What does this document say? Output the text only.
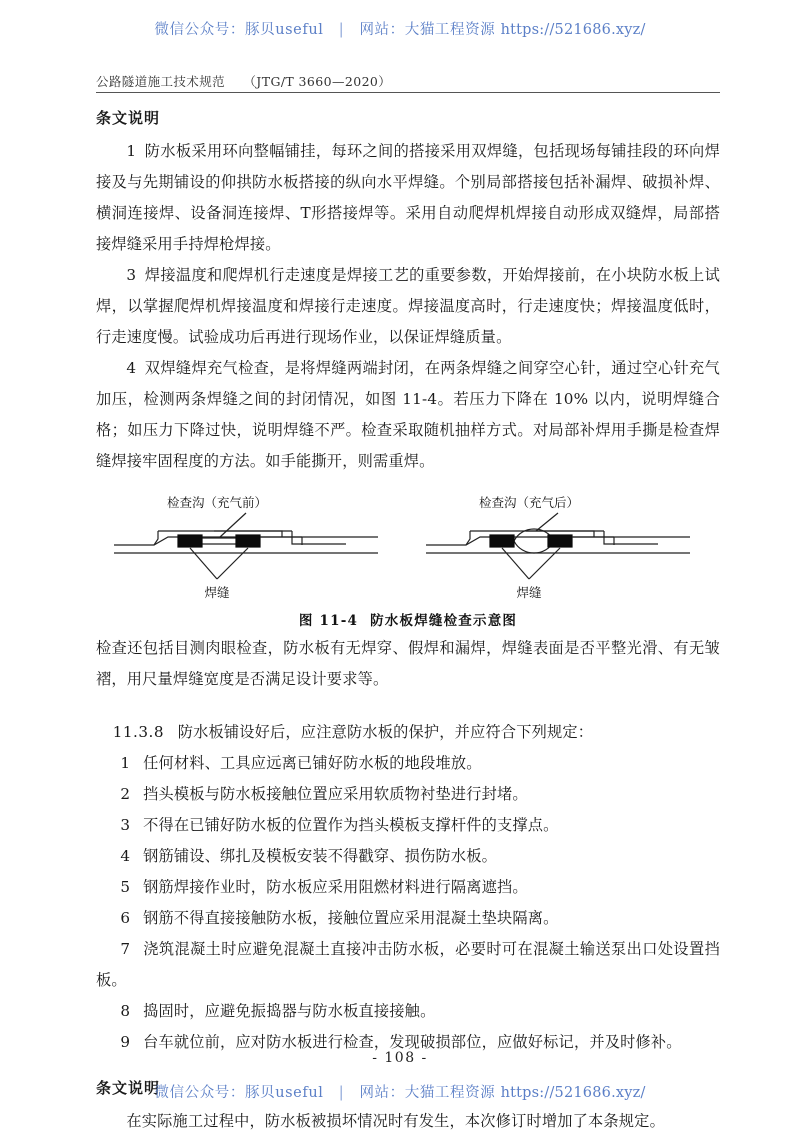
微信公众号：豚贝useful | 网站：大猫工程资源 https://521686.xyz/
公路隧道施工技术规范 （JTG/T 3660—2020）
条文说明

1 防水板采用环向整幅铺挂，每环之间的搭接采用双焊缝，包括现场每铺挂段的环向焊接及与先期铺设的仰拱防水板搭接的纵向水平焊缝。个别局部搭接包括补漏焊、破损补焊、横洞连接焊、设备洞连接焊、T形搭接焊等。采用自动爬焊机焊接自动形成双缝焊，局部搭接焊缝采用手持焊枪焊接。

3 焊接温度和爬焊机行走速度是焊接工艺的重要参数，开始焊接前，在小块防水板上试焊，以掌握爬焊机焊接温度和焊接行走速度。焊接温度高时，行走速度快；焊接温度低时，行走速度慢。试验成功后再进行现场作业，以保证焊缝质量。

4 双焊缝焊充气检查，是将焊缝两端封闭，在两条焊缝之间穿空心针，通过空心针充气加压，检测两条焊缝之间的封闭情况，如图 11-4。若压力下降在 10% 以内，说明焊缝合格；如压力下降过快，说明焊缝不严。检查采取随机抽样方式。对局部补焊用手撕是检查焊缝焊接牢固程度的方法。如手能撕开，则需重焊。

检查沟（充气前）
焊缝
检查沟（充气后）
焊缝
图 11-4 防水板焊缝检查示意图

检查还包括目测肉眼检查，防水板有无焊穿、假焊和漏焊，焊缝表面是否平整光滑、有无皱褶，用尺量焊缝宽度是否满足设计要求等。

11.3.8 防水板铺设好后，应注意防水板的保护，并应符合下列规定：

1 任何材料、工具应远离已铺好防水板的地段堆放。
2 挡头模板与防水板接触位置应采用软质物衬垫进行封堵。
3 不得在已铺好防水板的位置作为挡头模板支撑杆件的支撑点。
4 钢筋铺设、绑扎及模板安装不得戳穿、损伤防水板。
5 钢筋焊接作业时，防水板应采用阻燃材料进行隔离遮挡。
6 钢筋不得直接接触防水板，接触位置应采用混凝土垫块隔离。
7 浇筑混凝土时应避免混凝土直接冲击防水板，必要时可在混凝土输送泵出口处设置挡板。
8 捣固时，应避免振捣器与防水板直接接触。
9 台车就位前，应对防水板进行检查，发现破损部位，应做好标记，并及时修补。
条文说明

在实际施工过程中，防水板被损坏情况时有发生，本次修订时增加了本条规定。

- 108 -
微信公众号：豚贝useful | 网站：大猫工程资源 https://521686.xyz/
